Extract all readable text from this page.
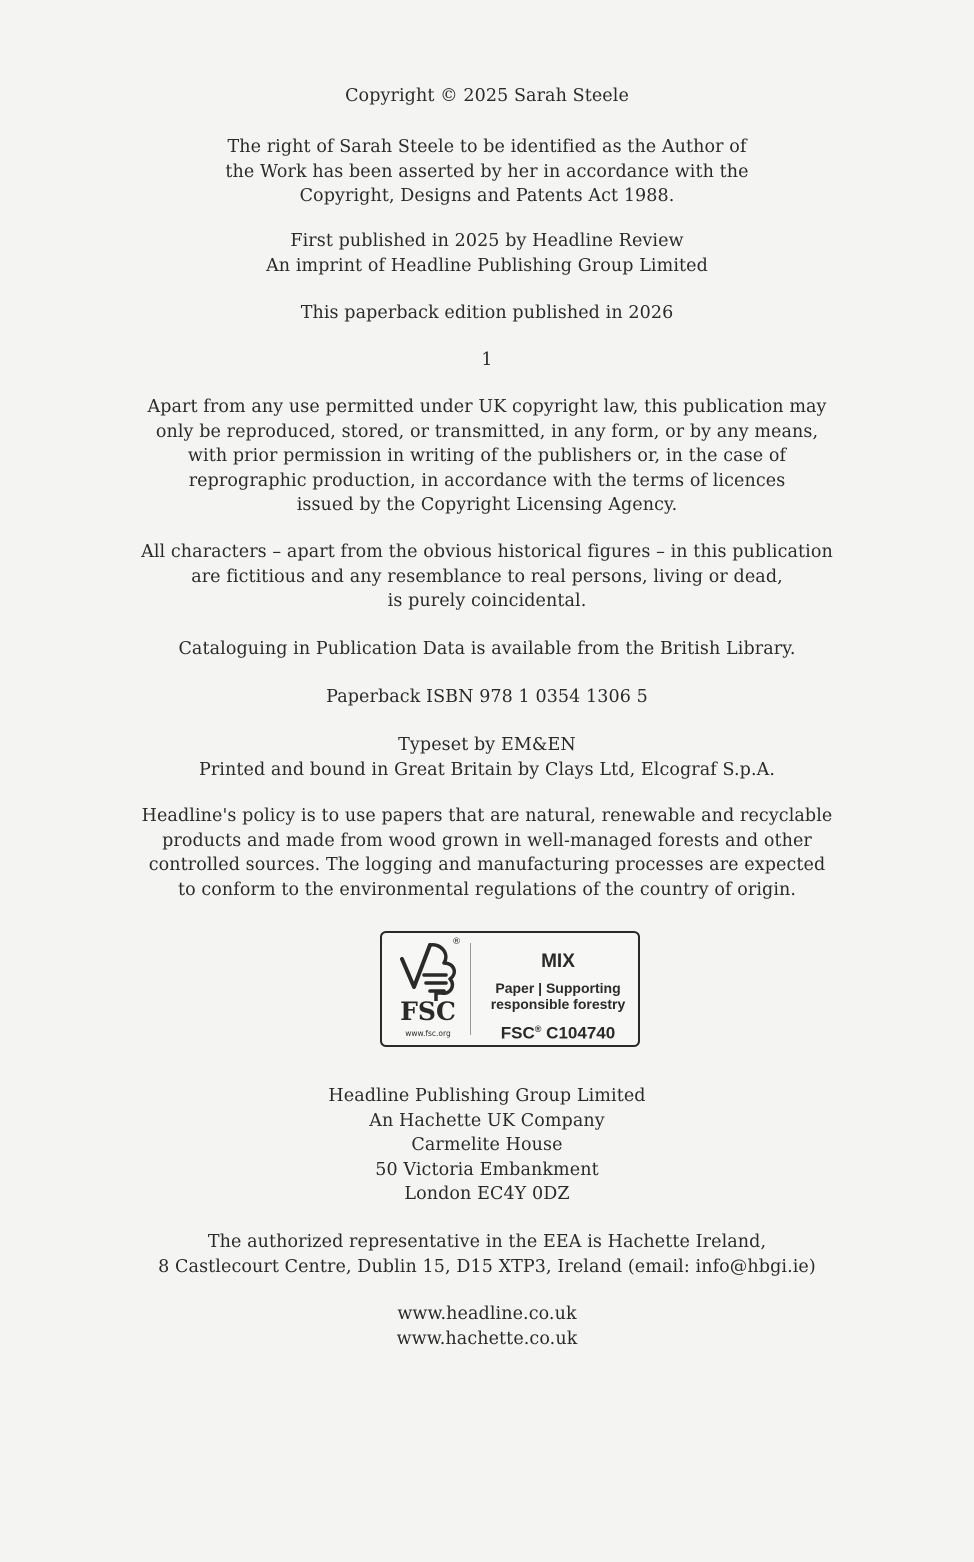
Copyright © 2025 Sarah Steele
The right of Sarah Steele to be identified as the Author of
the Work has been asserted by her in accordance with the
Copyright, Designs and Patents Act 1988.
First published in 2025 by Headline Review
An imprint of Headline Publishing Group Limited
This paperback edition published in 2026
1
Apart from any use permitted under UK copyright law, this publication may
only be reproduced, stored, or transmitted, in any form, or by any means,
with prior permission in writing of the publishers or, in the case of
reprographic production, in accordance with the terms of licences
issued by the Copyright Licensing Agency.
All characters – apart from the obvious historical figures – in this publication
are fictitious and any resemblance to real persons, living or dead,
is purely coincidental.
Cataloguing in Publication Data is available from the British Library.
Paperback ISBN 978 1 0354 1306 5
Typeset by EM&EN
Printed and bound in Great Britain by Clays Ltd, Elcograf S.p.A.
Headline's policy is to use papers that are natural, renewable and recyclable
products and made from wood grown in well-managed forests and other
controlled sources. The logging and manufacturing processes are expected
to conform to the environmental regulations of the country of origin.
®
FSC
www.fsc.org
MIX
Paper | Supporting
responsible forestry
FSC® C104740
Headline Publishing Group Limited
An Hachette UK Company
Carmelite House
50 Victoria Embankment
London EC4Y 0DZ
The authorized representative in the EEA is Hachette Ireland,
8 Castlecourt Centre, Dublin 15, D15 XTP3, Ireland (email: info@hbgi.ie)
www.headline.co.uk
www.hachette.co.uk
